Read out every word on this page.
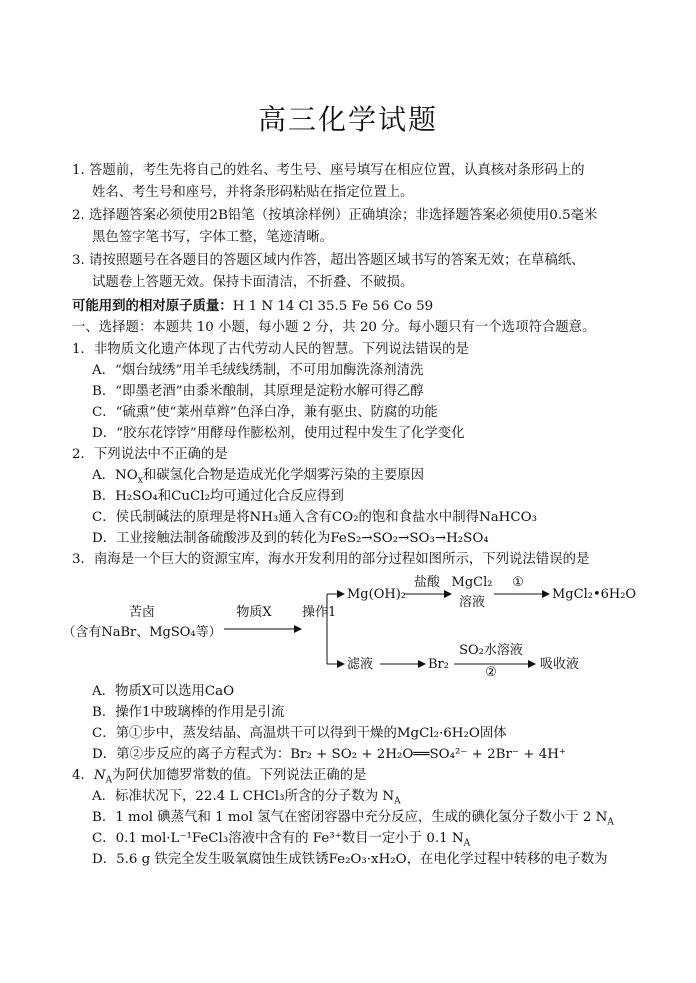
高三化学试题
1. 答题前，考生先将自己的姓名、考生号、座号填写在相应位置，认真核对条形码上的
姓名、考生号和座号，并将条形码粘贴在指定位置上。
2. 选择题答案必须使用2B铅笔（按填涂样例）正确填涂；非选择题答案必须使用0.5毫米
黑色签字笔书写，字体工整，笔迹清晰。
3. 请按照题号在各题目的答题区域内作答，超出答题区域书写的答案无效；在草稿纸、
试题卷上答题无效。保持卡面清洁，不折叠、不破损。
可能用到的相对原子质量：H 1 N 14 Cl 35.5 Fe 56 Co 59
一、选择题：本题共 10 小题，每小题 2 分，共 20 分。每小题只有一个选项符合题意。
1．非物质文化遗产体现了古代劳动人民的智慧。下列说法错误的是
A．“烟台绒绣”用羊毛绒线绣制，不可用加酶洗涤剂清洗
B．“即墨老酒”由黍米酿制，其原理是淀粉水解可得乙醇
C．“硫熏”使“莱州草辫”色泽白净，兼有驱虫、防腐的功能
D．“胶东花饽饽”用酵母作膨松剂，使用过程中发生了化学变化
2．下列说法中不正确的是
A．$NO_x$和碳氢化合物是造成光化学烟雾污染的主要原因
B．H₂SO₄和CuCl₂均可通过化合反应得到
C．侯氏制碱法的原理是将NH₃通入含有CO₂的饱和食盐水中制得NaHCO₃
D．工业接触法制备硫酸涉及到的转化为FeS₂→SO₂→SO₃→H₂SO₄
3．南海是一个巨大的资源宝库，海水开发利用的部分过程如图所示，下列说法错误的是
苦卤
（含有NaBr、MgSO₄等）
物质X 操作1
Mg(OH)₂
盐酸 MgCl₂
溶液
①
MgCl₂•6H₂O
滤液	Br₂
SO₂水溶液
②
吸收液
A．物质X可以选用CaO
B．操作1中玻璃棒的作用是引流
C．第①步中，蒸发结晶、高温烘干可以得到干燥的MgCl₂·6H₂O固体
D．第②步反应的离子方程式为：Br₂ + SO₂ + 2H₂O══SO₄²⁻ + 2Br⁻ + 4H⁺
4．$N_A$为阿伏加德罗常数的值。下列说法正确的是
A．标准状况下，22.4 L CHCl₃所含的分子数为 $N_A$
B．1 mol 碘蒸气和 1 mol 氢气在密闭容器中充分反应，生成的碘化氢分子数小于 2 $N_A$
C．0.1 mol·L⁻¹FeCl₃溶液中含有的 Fe³⁺数目一定小于 0.1 $N_A$
D．5.6 g 铁完全发生吸氧腐蚀生成铁锈Fe₂O₃·xH₂O，在电化学过程中转移的电子数为
